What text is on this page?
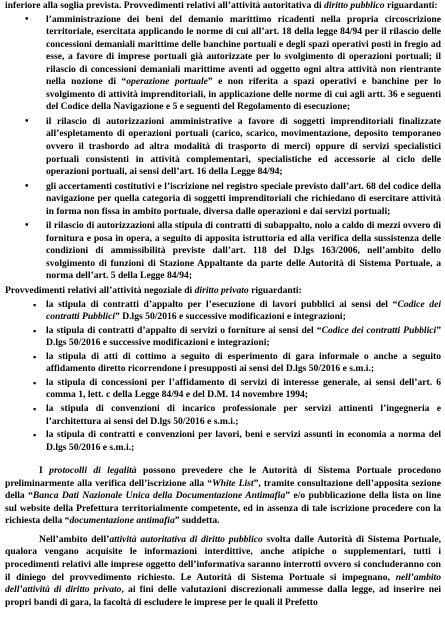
inferiore alla soglia prevista. Provvedimenti relativi all’attività autoritativa di diritto pubblico riguardanti:

• l’amministrazione dei beni del demanio marittimo ricadenti nella propria circoscrizione territoriale, esercitata applicando le norme di cui all’art. 18 della legge 84/94 per il rilascio delle concessioni demaniali marittime delle banchine portuali e degli spazi operativi posti in fregio ad esse, a favore di imprese portuali già autorizzate per lo svolgimento di operazioni portuali; il rilascio di concessioni demaniali marittime aventi ad oggetto ogni altra attività non rientrante nella nozione di “operazione portuale” e non riferita a spazi operativi e banchine per lo svolgimento di attività imprenditoriali, in applicazione delle norme di cui agli artt. 36 e seguenti del Codice della Navigazione e 5 e seguenti del Regolamento di esecuzione;
• il rilascio di autorizzazioni amministrative a favore di soggetti imprenditoriali finalizzate all’espletamento di operazioni portuali (carico, scarico, movimentazione, deposito temporaneo ovvero il trasbordo ad altra modalità di trasporto di merci) oppure di servizi specialistici portuali consistenti in attività complementari, specialistiche ed accessorie al ciclo delle operazioni portuali, ai sensi dell’art. 16 della Legge 84/94;
• gli accertamenti costitutivi e l’iscrizione nel registro speciale previsto dall’art. 68 del codice della navigazione per quella categoria di soggetti imprenditoriali che richiedano di esercitare attività in forma non fissa in ambito portuale, diversa dalle operazioni e dai servizi portuali;
• il rilascio di autorizzazioni alla stipula di contratti di subappalto, nolo a caldo di mezzi ovvero di fornitura e posa in opera, a seguito di apposita istruttoria ed alla verifica della sussistenza delle condizioni di ammissibilità previste dall’art. 118 del D.lgs 163/2006, nell’ambito dello svolgimento di funzioni di Stazione Appaltante da parte delle Autorità di Sistema Portuale, a norma dell’art. 5 della Legge 84/94;

Provvedimenti relativi all’attività negoziale di diritto privato riguardanti:

▪ la stipula di contratti d’appalto per l’esecuzione di lavori pubblici ai sensi del “Codice dei contratti Pubblici” D.lgs 50/2016 e successive modificazioni e integrazioni;
▪ la stipula di contratti d’appalto di servizi o forniture ai sensi del “Codice dei contratti Pubblici” D.lgs 50/2016 e successive modificazioni e integrazioni;
▪ la stipula di atti di cottimo a seguito di esperimento di gara informale o anche a seguito affidamento diretto ricorrendone i presupposti ai sensi del D.lgs 50/2016 e s.m.i.;
▪ la stipula di concessioni per l’affidamento di servizi di interesse generale, ai sensi dell’art. 6 comma 1, lett. c della Legge 84/94 e del D.M. 14 novembre 1994;
▪ la stipula di convenzioni di incarico professionale per servizi attinenti l’ingegneria e l’architettura ai sensi del D.lgs 50/2016 e s.m.i.;
▪ la stipula di contratti e convenzioni per lavori, beni e servizi assunti in economia a norma del D.lgs 50/2016 e s.m.i.;

I protocolli di legalità possono prevedere che le Autorità di Sistema Portuale procedono preliminarmente alla verifica dell’iscrizione alla “White List”, tramite consultazione dell’apposita sezione della “Banca Dati Nazionale Unica della Documentazione Antimafia” e/o pubblicazione della lista on line sul website della Prefettura territorialmente competente, ed in assenza di tale iscrizione procedere con la richiesta della “documentazione antimafia” suddetta.

Nell’ambito dell’attività autoritativa di diritto pubblico svolta dalle Autorità di Sistema Portuale, qualora vengano acquisite le informazioni interdittive, anche atipiche o supplementari, tutti i procedimenti relativi alle imprese oggetto dell’informativa saranno interrotti ovvero si concluderanno con il diniego del provvedimento richiesto. Le Autorità di Sistema Portuale si impegnano, nell’ambito dell’attività di diritto privato, ai fini delle valutazioni discrezionali ammesse dalla legge, ad inserire nei propri bandi di gara, la facoltà di escludere le imprese per le quali il Prefetto
